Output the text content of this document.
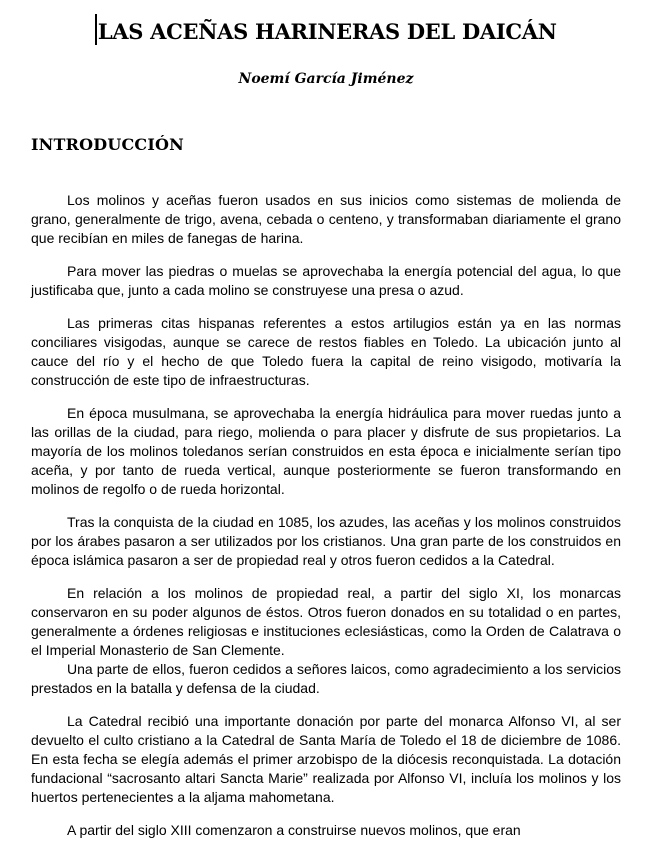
LAS ACEÑAS HARINERAS DEL DAICÁN
Noemí García Jiménez
INTRODUCCIÓN

Los molinos y aceñas fueron usados en sus inicios como sistemas de molienda de grano, generalmente de trigo, avena, cebada o centeno, y transformaban diariamente el grano que recibían en miles de fanegas de harina.

Para mover las piedras o muelas se aprovechaba la energía potencial del agua, lo que justificaba que, junto a cada molino se construyese una presa o azud.

Las primeras citas hispanas referentes a estos artilugios están ya en las normas conciliares visigodas, aunque se carece de restos fiables en Toledo. La ubicación junto al cauce del río y el hecho de que Toledo fuera la capital de reino visigodo, motivaría la construcción de este tipo de infraestructuras.

En época musulmana, se aprovechaba la energía hidráulica para mover ruedas junto a las orillas de la ciudad, para riego, molienda o para placer y disfrute de sus propietarios. La mayoría de los molinos toledanos serían construidos en esta época e inicialmente serían tipo aceña, y por tanto de rueda vertical, aunque posteriormente se fueron transformando en molinos de regolfo o de rueda horizontal.

Tras la conquista de la ciudad en 1085, los azudes, las aceñas y los molinos construidos por los árabes pasaron a ser utilizados por los cristianos. Una gran parte de los construidos en época islámica pasaron a ser de propiedad real y otros fueron cedidos a la Catedral.

En relación a los molinos de propiedad real, a partir del siglo XI, los monarcas conservaron en su poder algunos de éstos. Otros fueron donados en su totalidad o en partes, generalmente a órdenes religiosas e instituciones eclesiásticas, como la Orden de Calatrava o el Imperial Monasterio de San Clemente.

Una parte de ellos, fueron cedidos a señores laicos, como agradecimiento a los servicios prestados en la batalla y defensa de la ciudad.

La Catedral recibió una importante donación por parte del monarca Alfonso VI, al ser devuelto el culto cristiano a la Catedral de Santa María de Toledo el 18 de diciembre de 1086. En esta fecha se elegía además el primer arzobispo de la diócesis reconquistada. La dotación fundacional “sacrosanto altari Sancta Marie” realizada por Alfonso VI, incluía los molinos y los huertos pertenecientes a la aljama mahometana.

A partir del siglo XIII comenzaron a construirse nuevos molinos, que eran
